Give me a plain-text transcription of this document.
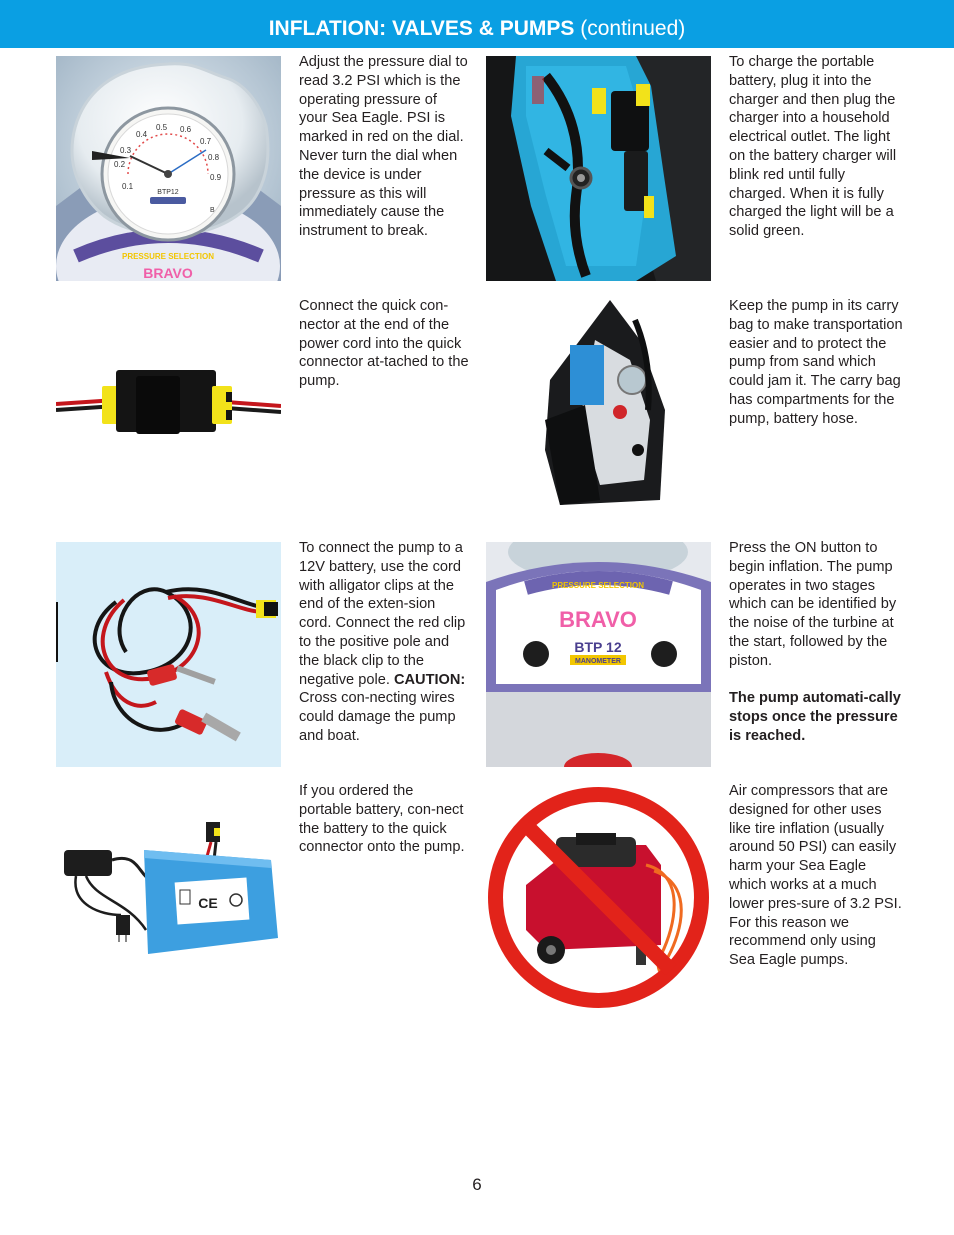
INFLATION: VALVES & PUMPS (continued)
PRESSURE SELECTION
BRAVO
0.1
0.2
0.3
0.4
0.5 0.6
0.7
0.8
0.9
BTP12
B

Adjust the pressure dial to read 3.2 PSI which is the operating pressure of your Sea Eagle. PSI is marked in red on the dial. Never turn the dial when the device is under pressure as this will immediately cause the instrument to break.

To charge the portable battery, plug it into the charger and then plug the charger into a household electrical outlet. The light on the battery charger will blink red until fully charged. When it is fully charged the light will be a solid green.

Connect the quick con-nector at the end of the power cord into the quick connector at-tached to the pump.

Keep the pump in its carry bag to make transportation easier and to protect the pump from sand which could jam it. The carry bag has compartments for the pump, battery hose.

To connect the pump to a 12V battery, use the cord with alligator clips at the end of the exten-sion cord. Connect the red clip to the positive pole and the black clip to the negative pole. CAUTION: Cross con-necting wires could damage the pump and boat.

PRESSURE SELECTION
BRAVO
BTP 12
MANOMETER
ON	OFF

Press the ON button to begin inflation. The pump operates in two stages which can be identified by the noise of the turbine at the start, followed by the piston.

The pump automati-cally stops once the pressure is reached.

CE

If you ordered the portable battery, con-nect the battery to the quick connector onto the pump.

Air compressors that are designed for other uses like tire inflation (usually around 50 PSI) can easily harm your Sea Eagle which works at a much lower pres-sure of 3.2 PSI. For this reason we recommend only using Sea Eagle pumps.

6
